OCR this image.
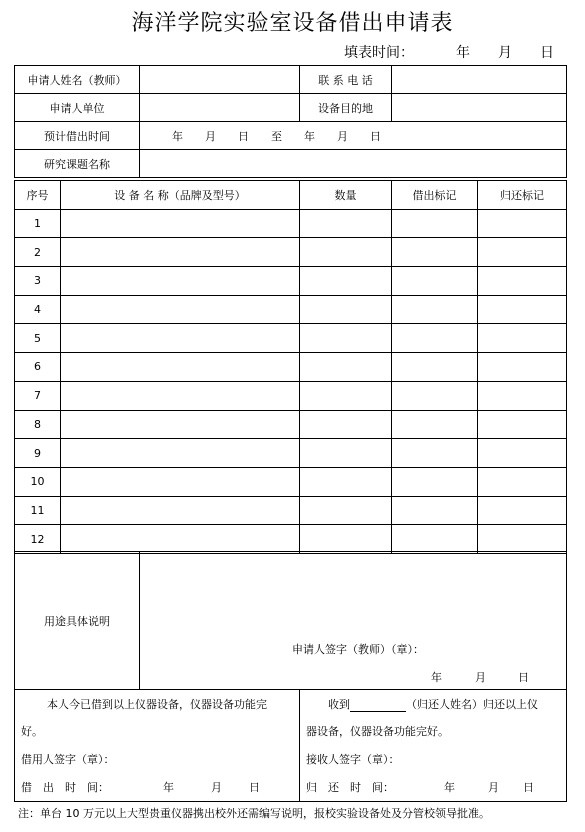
海洋学院实验室设备借出申请表
填表时间：	年 月 日
申请人姓名（教师）		联 系 电 话	
申请人单位		设备目的地	
预计借出时间	年　　月　　日　　至　　年　　月　　日		
研究课题名称			
序号	设 备 名 称（品牌及型号）	数量	借出标记	归还标记
1				
2				
3				
4				
5				
6				
7				
8				
9				
10				
11				
12				
用途具体说明	
申请人签字（教师）（章）：
年	月	日
本人今已借到以上仪器设备，仪器设备功能完
好。
借用人签字（章）：
借　出　时　间：	年	月 日

收到	（归还人姓名）归还以上仪
器设备，仪器设备功能完好。
接收人签字（章）：
归　还　时　间：	年	月 日
注：单台 10 万元以上大型贵重仪器携出校外还需编写说明，报校实验设备处及分管校领导批准。
